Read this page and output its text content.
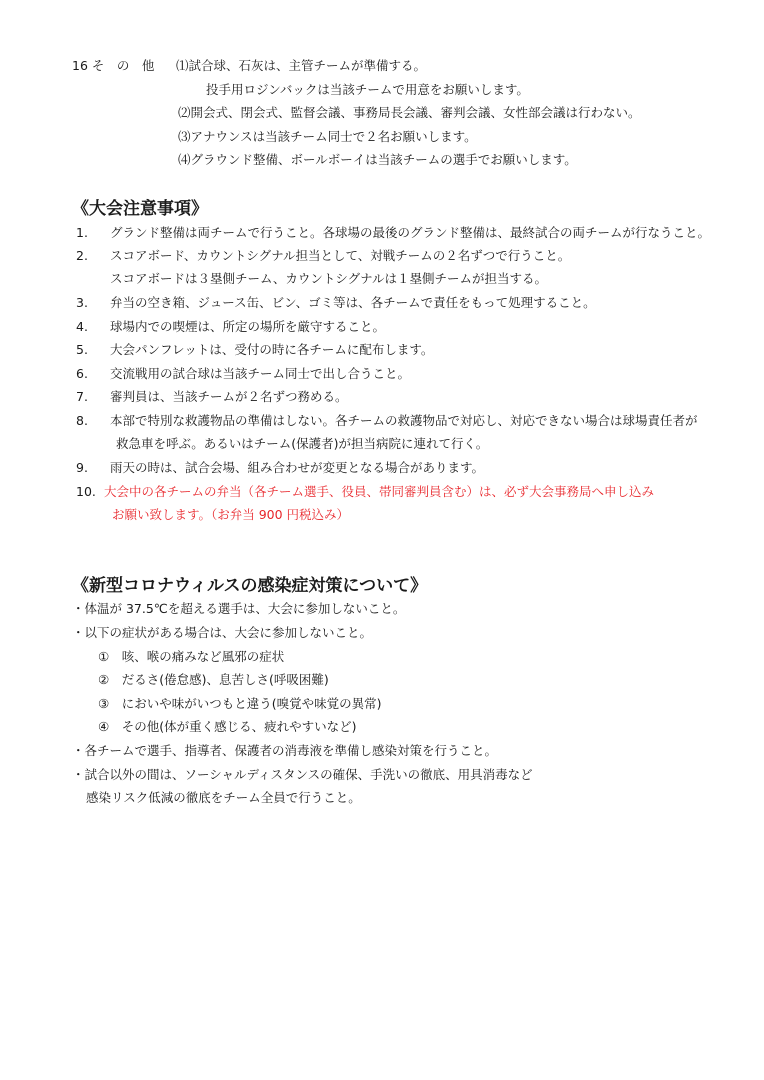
16 そ　の　他 ⑴試合球、石灰は、主管チームが準備する。
投手用ロジンバックは当該チームで用意をお願いします。
⑵開会式、閉会式、監督会議、事務局長会議、審判会議、女性部会議は行わない。
⑶アナウンスは当該チーム同士で２名お願いします。
⑷グラウンド整備、ボールボーイは当該チームの選手でお願いします。
《大会注意事項》
1. グランド整備は両チームで行うこと。各球場の最後のグランド整備は、最終試合の両チームが行なうこと。
2. スコアボード、カウントシグナル担当として、対戦チームの２名ずつで行うこと。
スコアボードは３塁側チーム、カウントシグナルは１塁側チームが担当する。
3. 弁当の空き箱、ジュース缶、ビン、ゴミ等は、各チームで責任をもって処理すること。
4. 球場内での喫煙は、所定の場所を厳守すること。
5. 大会パンフレットは、受付の時に各チームに配布します。
6. 交流戦用の試合球は当該チーム同士で出し合うこと。
7. 審判員は、当該チームが２名ずつ務める。
8. 本部で特別な救護物品の準備はしない。各チームの救護物品で対応し、対応できない場合は球場責任者が
救急車を呼ぶ。あるいはチーム(保護者)が担当病院に連れて行く。
9. 雨天の時は、試合会場、組み合わせが変更となる場合があります。
10. 大会中の各チームの弁当（各チーム選手、役員、帯同審判員含む）は、必ず大会事務局へ申し込み
お願い致します。（お弁当 900 円税込み）
《新型コロナウィルスの感染症対策について》
・体温が 37.5℃を超える選手は、大会に参加しないこと。
・以下の症状がある場合は、大会に参加しないこと。
①　咳、喉の痛みなど風邪の症状
②　だるさ(倦怠感)、息苦しさ(呼吸困難)
③　においや味がいつもと違う(嗅覚や味覚の異常)
④　その他(体が重く感じる、疲れやすいなど)
・各チームで選手、指導者、保護者の消毒液を準備し感染対策を行うこと。
・試合以外の間は、ソーシャルディスタンスの確保、手洗いの徹底、用具消毒など
感染リスク低減の徹底をチーム全員で行うこと。
